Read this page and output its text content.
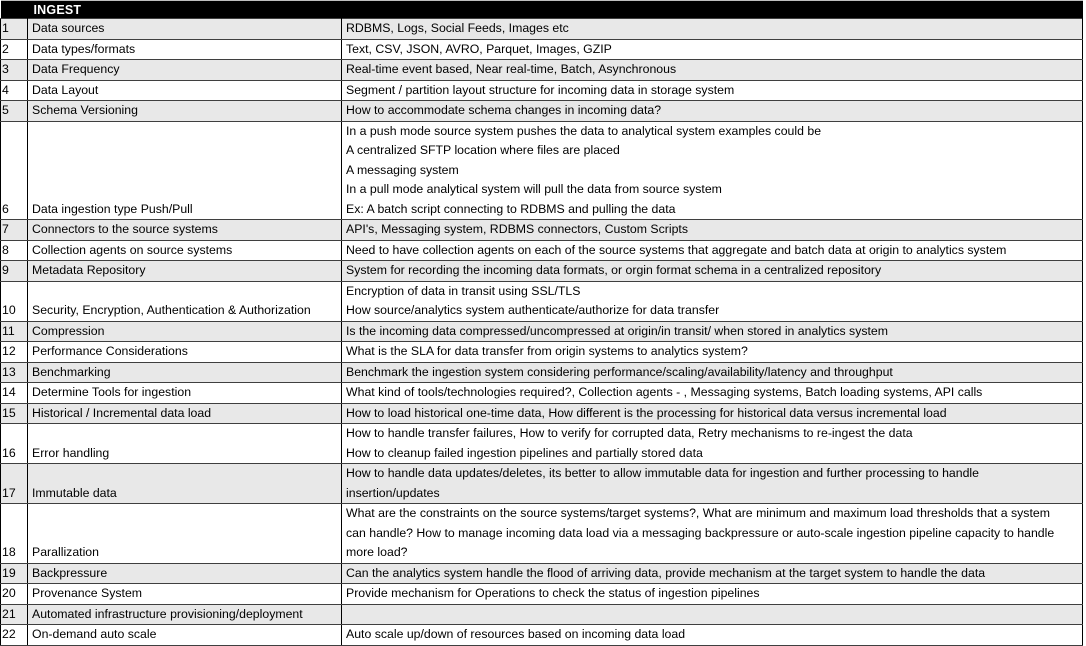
	INGEST	

1	Data sources	RDBMS, Logs, Social Feeds, Images etc

2	Data types/formats	Text, CSV, JSON, AVRO, Parquet, Images, GZIP

3	Data Frequency	Real-time event based, Near real-time, Batch, Asynchronous

4	Data Layout	Segment / partition layout structure for incoming data in storage system

5	Schema Versioning	How to accommodate schema changes in incoming data?

6	Data ingestion type Push/Pull	In a push mode source system pushes the data to analytical system examples could be
A centralized SFTP location where files are placed
A messaging system
In a pull mode analytical system will pull the data from source system
Ex: A batch script connecting to RDBMS and pulling the data

7	Connectors to the source systems	API's, Messaging system, RDBMS connectors, Custom Scripts

8	Collection agents on source systems	Need to have collection agents on each of the source systems that aggregate and batch data at origin to analytics system

9	Metadata Repository	System for recording the incoming data formats, or orgin format schema in a centralized repository

10	Security, Encryption, Authentication & Authorization	Encryption of data in transit using SSL/TLS
How source/analytics system authenticate/authorize for data transfer

11	Compression	Is the incoming data compressed/uncompressed at origin/in transit/ when stored in analytics system

12	Performance Considerations	What is the SLA for data transfer from origin systems to analytics system?

13	Benchmarking	Benchmark the ingestion system considering performance/scaling/availability/latency and throughput

14	Determine Tools for ingestion	What kind of tools/technologies required?, Collection agents - , Messaging systems, Batch loading systems, API calls

15	Historical / Incremental data load	How to load historical one-time data, How different is the processing for historical data versus incremental load

16	Error handling	How to handle transfer failures, How to verify for corrupted data, Retry mechanisms to re-ingest the data
How to cleanup failed ingestion pipelines and partially stored data

17	Immutable data	How to handle data updates/deletes, its better to allow immutable data for ingestion and further processing to handle
insertion/updates

18	Parallization	What are the constraints on the source systems/target systems?, What are minimum and maximum load thresholds that a system
can handle? How to manage incoming data load via a messaging backpressure or auto-scale ingestion pipeline capacity to handle
more load?

19	Backpressure	Can the analytics system handle the flood of arriving data, provide mechanism at the target system to handle the data

20	Provenance System	Provide mechanism for Operations to check the status of ingestion pipelines

21	Automated infrastructure provisioning/deployment	

22	On-demand auto scale	Auto scale up/down of resources based on incoming data load
